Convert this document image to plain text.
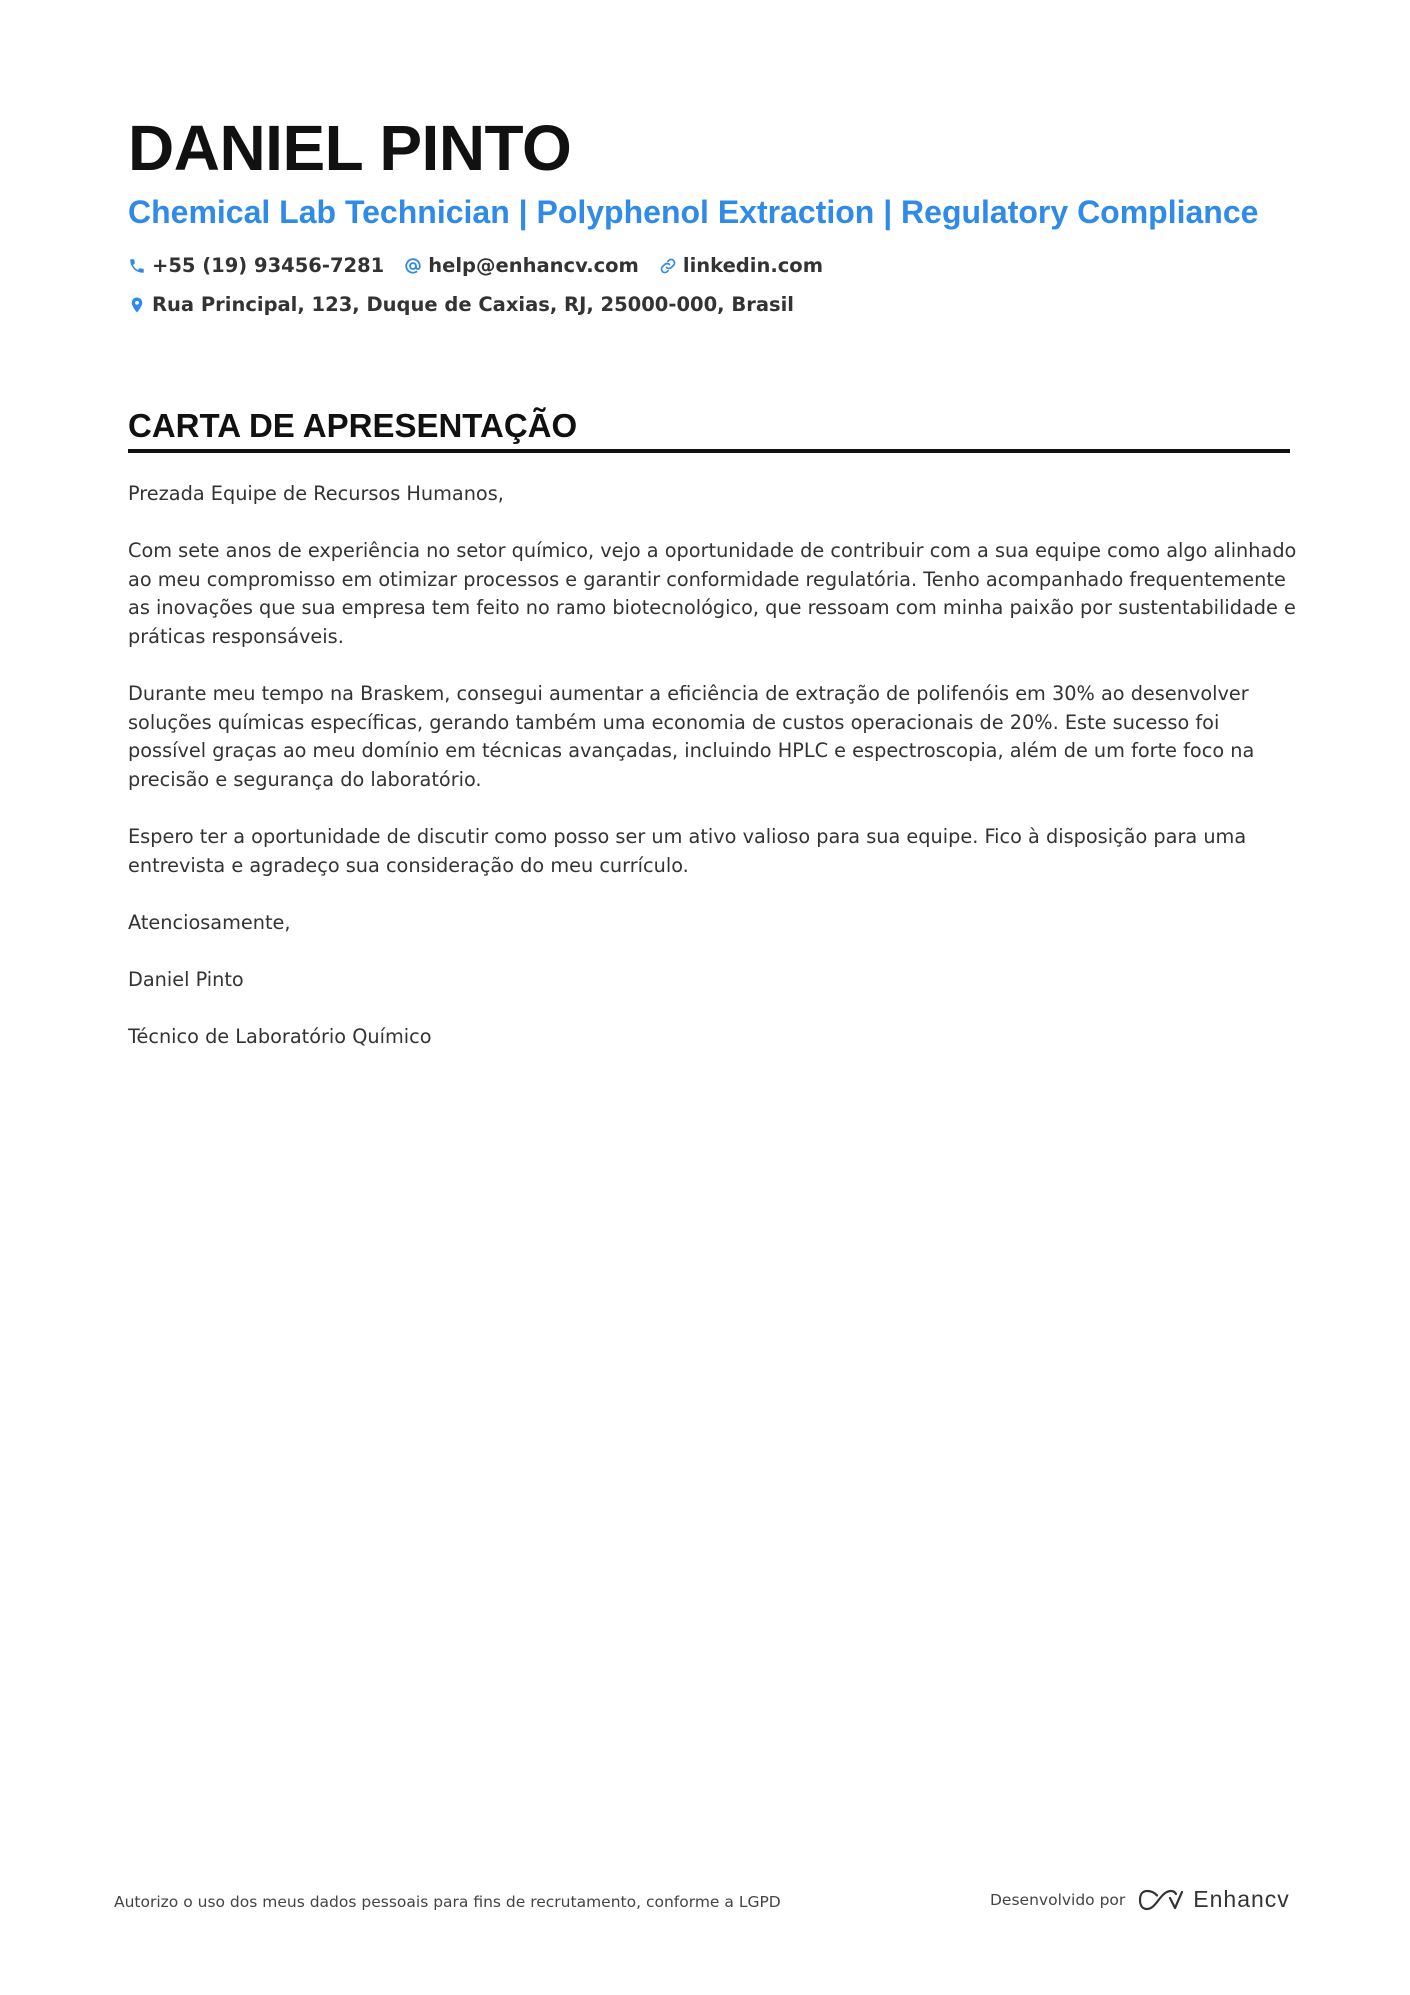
DANIEL PINTO
Chemical Lab Technician | Polyphenol Extraction | Regulatory Compliance
+55 (19) 93456-7281 help@enhancv.com linkedin.com
Rua Principal, 123, Duque de Caxias, RJ, 25000-000, Brasil
CARTA DE APRESENTAÇÃO

Prezada Equipe de Recursos Humanos,

Com sete anos de experiência no setor químico, vejo a oportunidade de contribuir com a sua equipe como algo alinhado ao meu compromisso em otimizar processos e garantir conformidade regulatória. Tenho acompanhado frequentemente as inovações que sua empresa tem feito no ramo biotecnológico, que ressoam com minha paixão por sustentabilidade e práticas responsáveis.

Durante meu tempo na Braskem, consegui aumentar a eficiência de extração de polifenóis em 30% ao desenvolver soluções químicas específicas, gerando também uma economia de custos operacionais de 20%. Este sucesso foi possível graças ao meu domínio em técnicas avançadas, incluindo HPLC e espectroscopia, além de um forte foco na precisão e segurança do laboratório.

Espero ter a oportunidade de discutir como posso ser um ativo valioso para sua equipe. Fico à disposição para uma entrevista e agradeço sua consideração do meu currículo.

Atenciosamente,

Daniel Pinto

Técnico de Laboratório Químico

Autorizo o uso dos meus dados pessoais para fins de recrutamento, conforme a LGPD	Desenvolvido por	Enhancv
